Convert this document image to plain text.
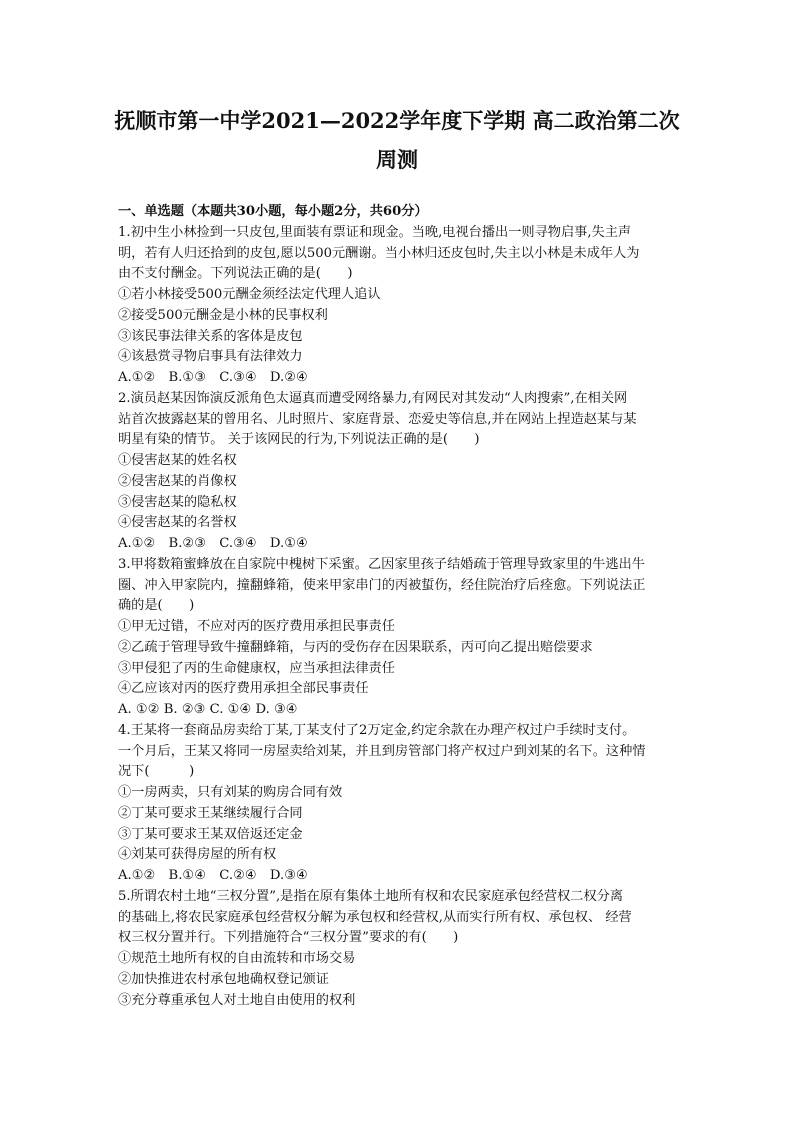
抚顺市第一中学2021—2022学年度下学期 高二政治第二次
周测
一、单选题（本题共30小题，每小题2分，共60分）
1.初中生小林捡到一只皮包,里面装有票证和现金。当晚,电视台播出一则寻物启事,失主声
明，若有人归还拾到的皮包,愿以500元酬谢。当小林归还皮包时,失主以小林是未成年人为
由不支付酬金。下列说法正确的是(　　)
①若小林接受500元酬金须经法定代理人追认
②接受500元酬金是小林的民事权利
③该民事法律关系的客体是皮包
④该悬赏寻物启事具有法律效力
A.①②　B.①③　C.③④　D.②④
2.演员赵某因饰演反派角色太逼真而遭受网络暴力,有网民对其发动“人肉搜索”,在相关网
站首次披露赵某的曾用名、儿时照片、家庭背景、恋爱史等信息,并在网站上捏造赵某与某
明星有染的情节。 关于该网民的行为,下列说法正确的是(　　)
①侵害赵某的姓名权
②侵害赵某的肖像权
③侵害赵某的隐私权
④侵害赵某的名誉权
A.①②　B.②③　C.③④　D.①④
3.甲将数箱蜜蜂放在自家院中槐树下采蜜。乙因家里孩子结婚疏于管理导致家里的牛逃出牛
圈、冲入甲家院内，撞翻蜂箱，使来甲家串门的丙被蜇伤，经住院治疗后痊愈。下列说法正
确的是(　　)
①甲无过错，不应对丙的医疗费用承担民事责任
②乙疏于管理导致牛撞翻蜂箱，与丙的受伤存在因果联系，丙可向乙提出赔偿要求
③甲侵犯了丙的生命健康权，应当承担法律责任
④乙应该对丙的医疗费用承担全部民事责任
A. ①② B. ②③ C. ①④ D. ③④
4.王某将一套商品房卖给丁某,丁某支付了2万定金,约定余款在办理产权过户手续时支付。
一个月后，王某又将同一房屋卖给刘某，并且到房管部门将产权过户到刘某的名下。这种情
况下(　　　)
①一房两卖，只有刘某的购房合同有效
②丁某可要求王某继续履行合同
③丁某可要求王某双倍返还定金
④刘某可获得房屋的所有权
A.①②　B.①④　C.②④　D.③④
5.所谓农村土地“三权分置”,是指在原有集体土地所有权和农民家庭承包经营权二权分离
的基础上,将农民家庭承包经营权分解为承包权和经营权,从而实行所有权、承包权、 经营
权三权分置并行。下列措施符合“三权分置”要求的有(　　)
①规范土地所有权的自由流转和市场交易
②加快推进农村承包地确权登记颁证
③充分尊重承包人对土地自由使用的权利
